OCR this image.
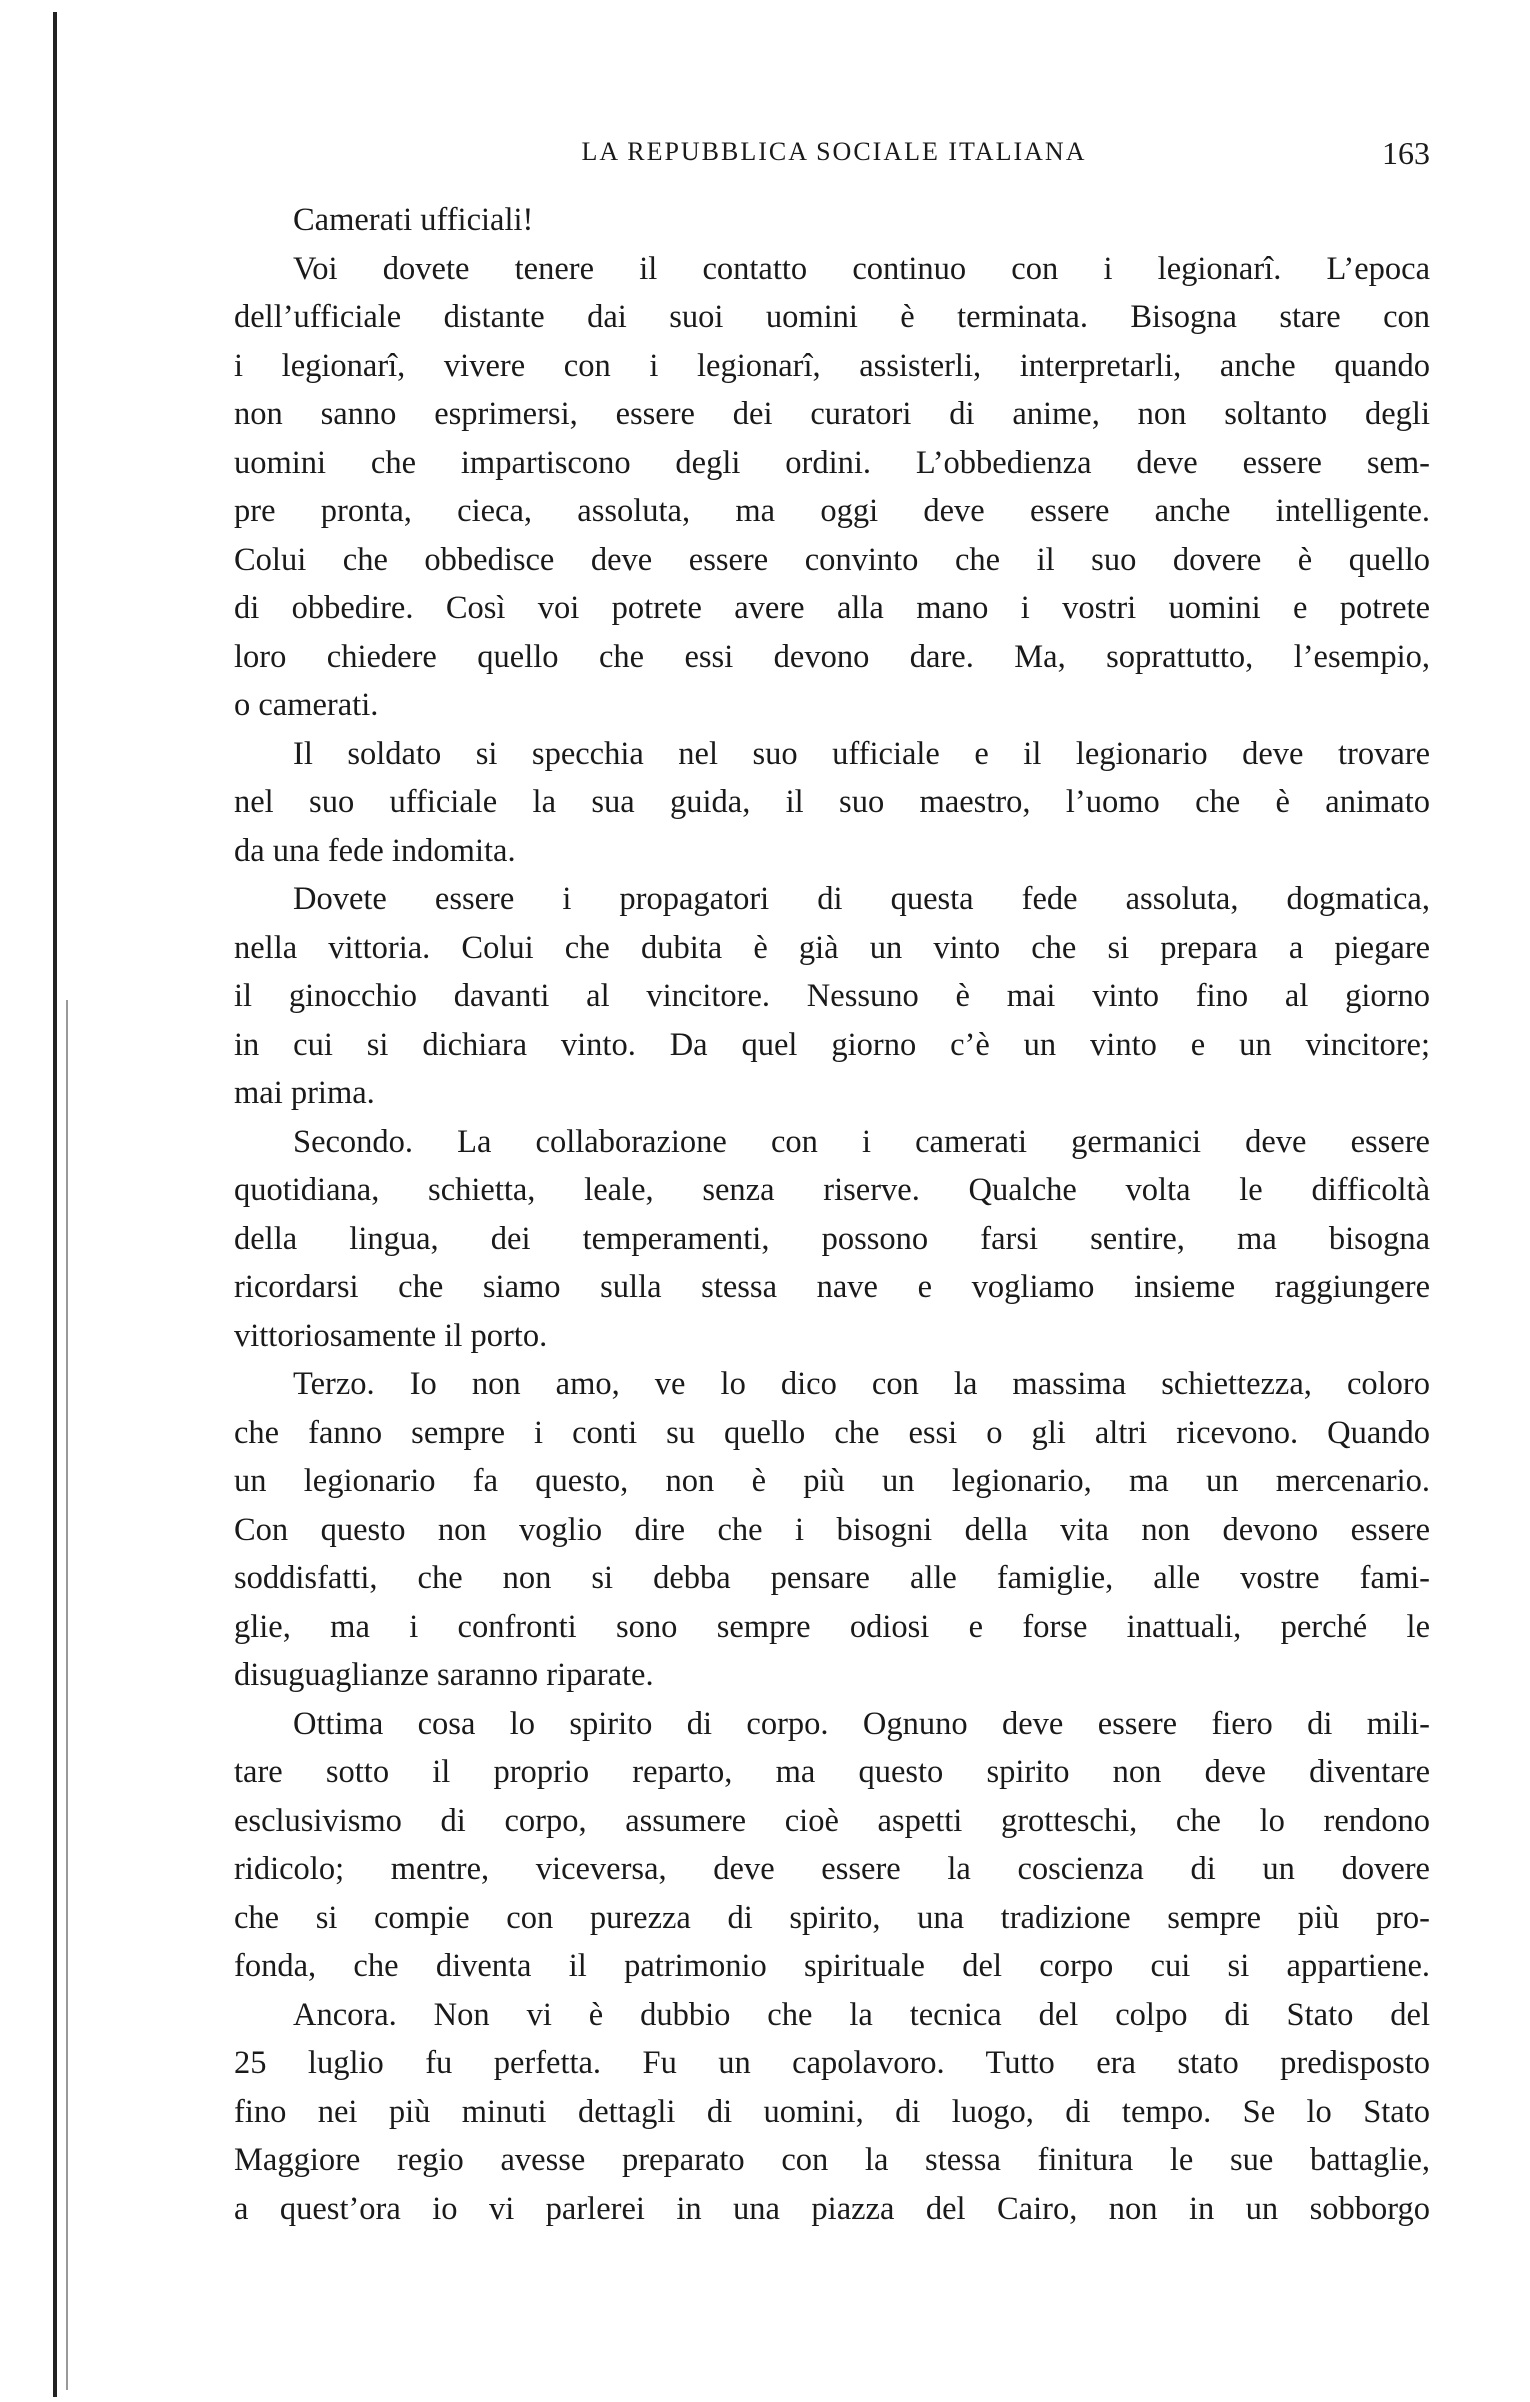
LA REPUBBLICA SOCIALE ITALIANA	163
Camerati ufficiali!
Voi dovete tenere il contatto continuo con i legionarî. L’epoca
dell’ufficiale distante dai suoi uomini è terminata. Bisogna stare con
i legionarî, vivere con i legionarî, assisterli, interpretarli, anche quando
non sanno esprimersi, essere dei curatori di anime, non soltanto degli
uomini che impartiscono degli ordini. L’obbedienza deve essere sem-
pre pronta, cieca, assoluta, ma oggi deve essere anche intelligente.
Colui che obbedisce deve essere convinto che il suo dovere è quello
di obbedire. Così voi potrete avere alla mano i vostri uomini e potrete
loro chiedere quello che essi devono dare. Ma, soprattutto, l’esempio,
o camerati.
Il soldato si specchia nel suo ufficiale e il legionario deve trovare
nel suo ufficiale la sua guida, il suo maestro, l’uomo che è animato
da una fede indomita.
Dovete essere i propagatori di questa fede assoluta, dogmatica,
nella vittoria. Colui che dubita è già un vinto che si prepara a piegare
il ginocchio davanti al vincitore. Nessuno è mai vinto fino al giorno
in cui si dichiara vinto. Da quel giorno c’è un vinto e un vincitore;
mai prima.
Secondo. La collaborazione con i camerati germanici deve essere
quotidiana, schietta, leale, senza riserve. Qualche volta le difficoltà
della lingua, dei temperamenti, possono farsi sentire, ma bisogna
ricordarsi che siamo sulla stessa nave e vogliamo insieme raggiungere
vittoriosamente il porto.
Terzo. Io non amo, ve lo dico con la massima schiettezza, coloro
che fanno sempre i conti su quello che essi o gli altri ricevono. Quando
un legionario fa questo, non è più un legionario, ma un mercenario.
Con questo non voglio dire che i bisogni della vita non devono essere
soddisfatti, che non si debba pensare alle famiglie, alle vostre fami-
glie, ma i confronti sono sempre odiosi e forse inattuali, perché le
disuguaglianze saranno riparate.
Ottima cosa lo spirito di corpo. Ognuno deve essere fiero di mili-
tare sotto il proprio reparto, ma questo spirito non deve diventare
esclusivismo di corpo, assumere cioè aspetti grotteschi, che lo rendono
ridicolo; mentre, viceversa, deve essere la coscienza di un dovere
che si compie con purezza di spirito, una tradizione sempre più pro-
fonda, che diventa il patrimonio spirituale del corpo cui si appartiene.
Ancora. Non vi è dubbio che la tecnica del colpo di Stato del
25 luglio fu perfetta. Fu un capolavoro. Tutto era stato predisposto
fino nei più minuti dettagli di uomini, di luogo, di tempo. Se lo Stato
Maggiore regio avesse preparato con la stessa finitura le sue battaglie,
a quest’ora io vi parlerei in una piazza del Cairo, non in un sobborgo
